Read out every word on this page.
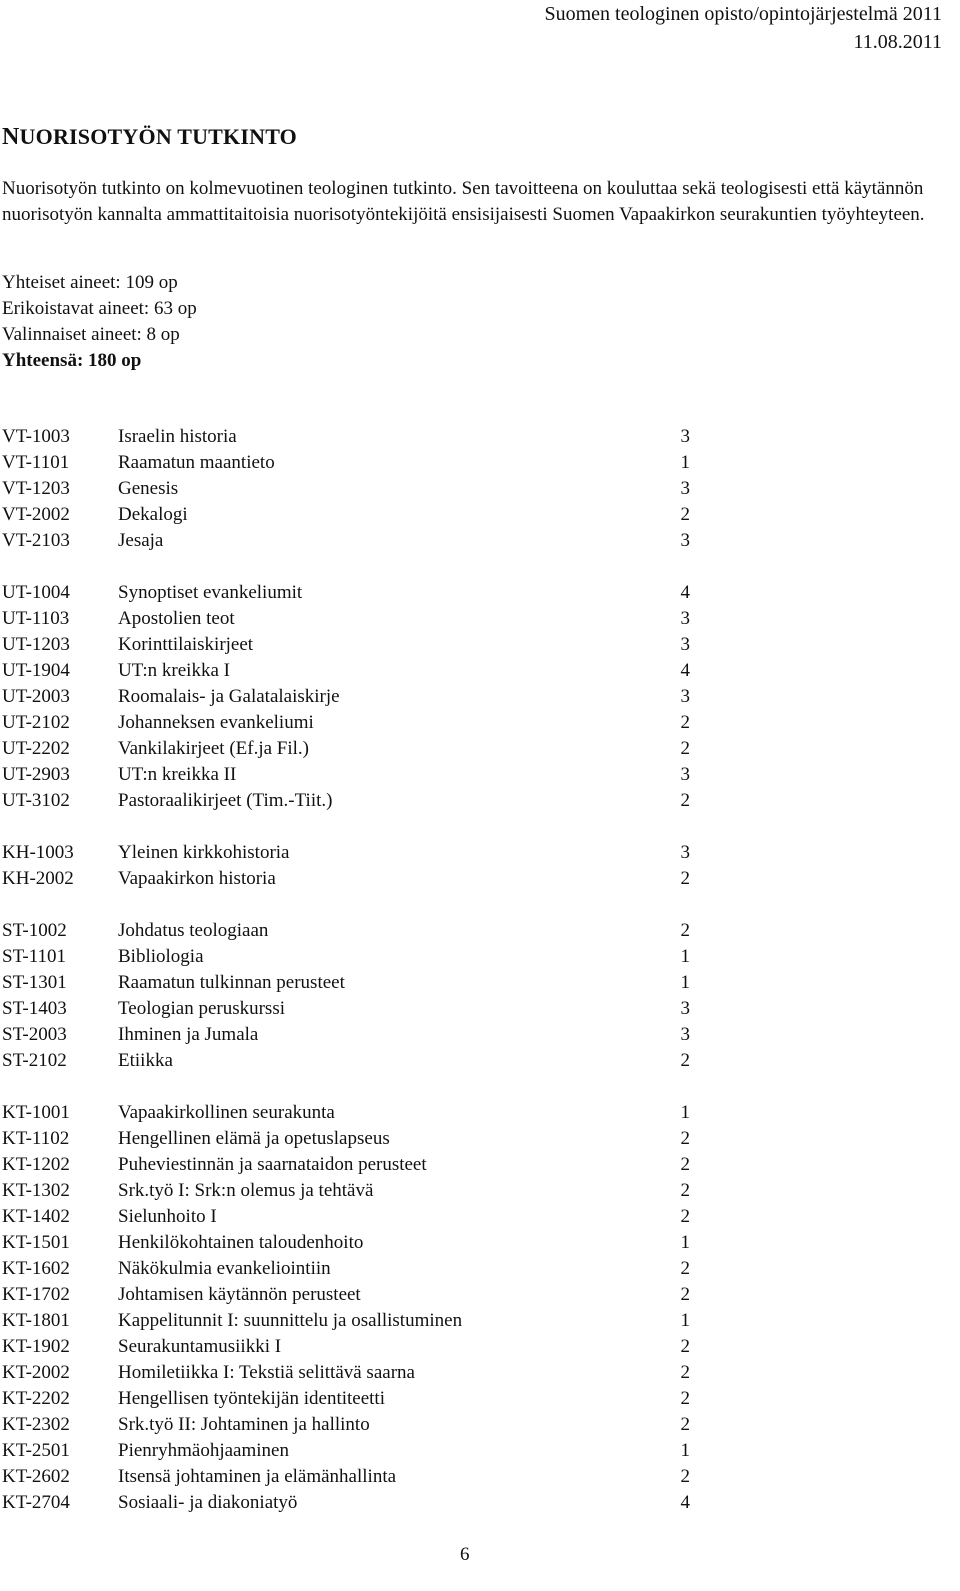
Suomen teologinen opisto/opintojärjestelmä 2011
11.08.2011
NUORISOTYÖN TUTKINTO
Nuorisotyön tutkinto on kolmevuotinen teologinen tutkinto. Sen tavoitteena on kouluttaa sekä teologisesti että käytännön nuorisotyön kannalta ammattitaitoisia nuorisotyöntekijöitä ensisijaisesti Suomen Vapaakirkon seurakuntien työyhteyteen.
Yhteiset aineet: 109 op
Erikoistavat aineet: 63 op
Valinnaiset aineet: 8 op
Yhteensä: 180 op
VT-1003	Israelin historia	3
VT-1101	Raamatun maantieto	1
VT-1203	Genesis	3
VT-2002	Dekalogi	2
VT-2103	Jesaja	3
UT-1004	Synoptiset evankeliumit	4
UT-1103	Apostolien teot	3
UT-1203	Korinttilaiskirjeet	3
UT-1904	UT:n kreikka I	4
UT-2003	Roomalais- ja Galatalaiskirje	3
UT-2102	Johanneksen evankeliumi	2
UT-2202	Vankilakirjeet (Ef.ja Fil.)	2
UT-2903	UT:n kreikka II	3
UT-3102	Pastoraalikirjeet (Tim.-Tiit.)	2
KH-1003 Yleinen kirkkohistoria	3
KH-2002 Vapaakirkon historia	2
ST-1002	Johdatus teologiaan	2
ST-1101	Bibliologia	1
ST-1301	Raamatun tulkinnan perusteet	1
ST-1403	Teologian peruskurssi	3
ST-2003	Ihminen ja Jumala	3
ST-2102	Etiikka	2
KT-1001	Vapaakirkollinen seurakunta	1
KT-1102	Hengellinen elämä ja opetuslapseus	2
KT-1202	Puheviestinnän ja saarnataidon perusteet	2
KT-1302	Srk.työ I: Srk:n olemus ja tehtävä	2
KT-1402	Sielunhoito I	2
KT-1501	Henkilökohtainen taloudenhoito	1
KT-1602	Näkökulmia evankeliointiin	2
KT-1702	Johtamisen käytännön perusteet	2
KT-1801	Kappelitunnit I: suunnittelu ja osallistuminen	1
KT-1902	Seurakuntamusiikki I	2
KT-2002	Homiletiikka I: Tekstiä selittävä saarna	2
KT-2202	Hengellisen työntekijän identiteetti	2
KT-2302	Srk.työ II: Johtaminen ja hallinto	2
KT-2501	Pienryhmäohjaaminen	1
KT-2602	Itsensä johtaminen ja elämänhallinta	2
KT-2704	Sosiaali- ja diakoniatyö	4
6
